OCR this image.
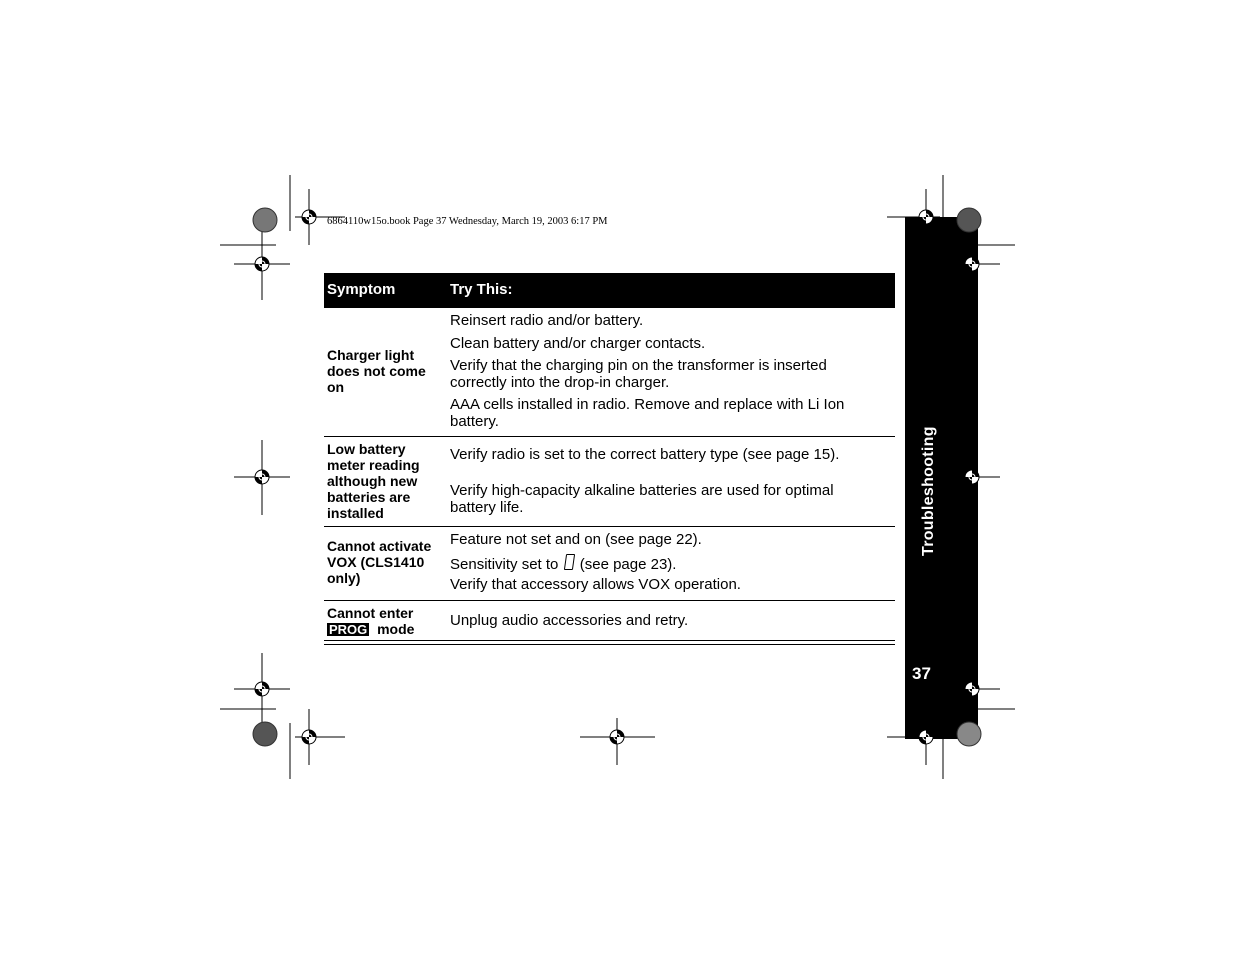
6864110w15o.book Page 37 Wednesday, March 19, 2003 6:17 PM
Troubleshooting
37
Symptom	Try This:
Charger light does not come on
Reinsert radio and/or battery.
Clean battery and/or charger contacts.
Verify that the charging pin on the transformer is inserted correctly into the drop-in charger.
AAA cells installed in radio. Remove and replace with Li Ion battery.
Low battery meter reading although new batteries are installed
Verify radio is set to the correct battery type (see page 15).
Verify high-capacity alkaline batteries are used for optimal battery life.
Cannot activate VOX (CLS1410 only)
Feature not set and on (see page 22).
Sensitivity set to (see page 23).
Verify that accessory allows VOX operation.
Cannot enter
PROG mode	Unplug audio accessories and retry.
